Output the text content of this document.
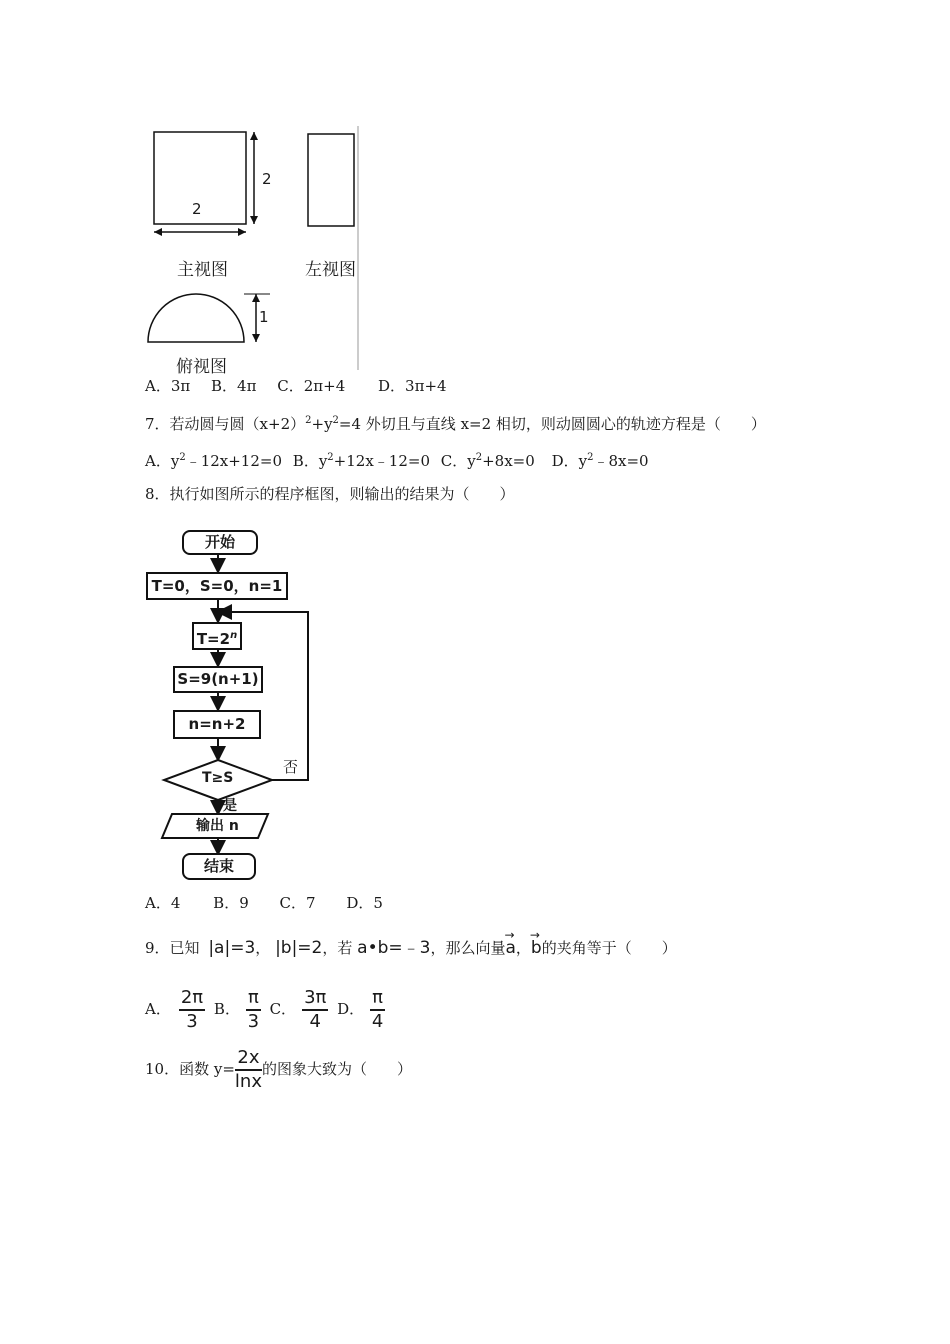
2
2
1
主视图	左视图
俯视图
A．3π B．4π C．2π+4 D．3π+4
7．若动圆与圆$(x+2)^2+y^2=4$ 外切且与直线 x=2 相切，则动圆圆心的轨迹方程是（　　）
A．$y^2﹣12x+12=0$ B．$y^2+12x﹣12=0$ C．$y^2+8x=0$ D．$y^2﹣8x=0$
8．执行如图所示的程序框图，则输出的结果为（　　）
开始
T=0，S=0，n=1
$T=2^n$
S=9(n+1)
n=n+2
T≥S
否
是
输出 n
结束
A．4 B．9 C．7 D．5
9．已知 |a|=3， |b|=2，若 a•b=﹣3，那么向量→ a，→ b的夹角等于（　　）
A． $\frac{2\pi}{3}$ B． $\frac{\pi}{3}$ C． $\frac{3\pi}{4}$ D． $\frac{\pi}{4}$
10．函数 $y= \frac{2x}{\ln x}$ 的图象大致为（　　）
